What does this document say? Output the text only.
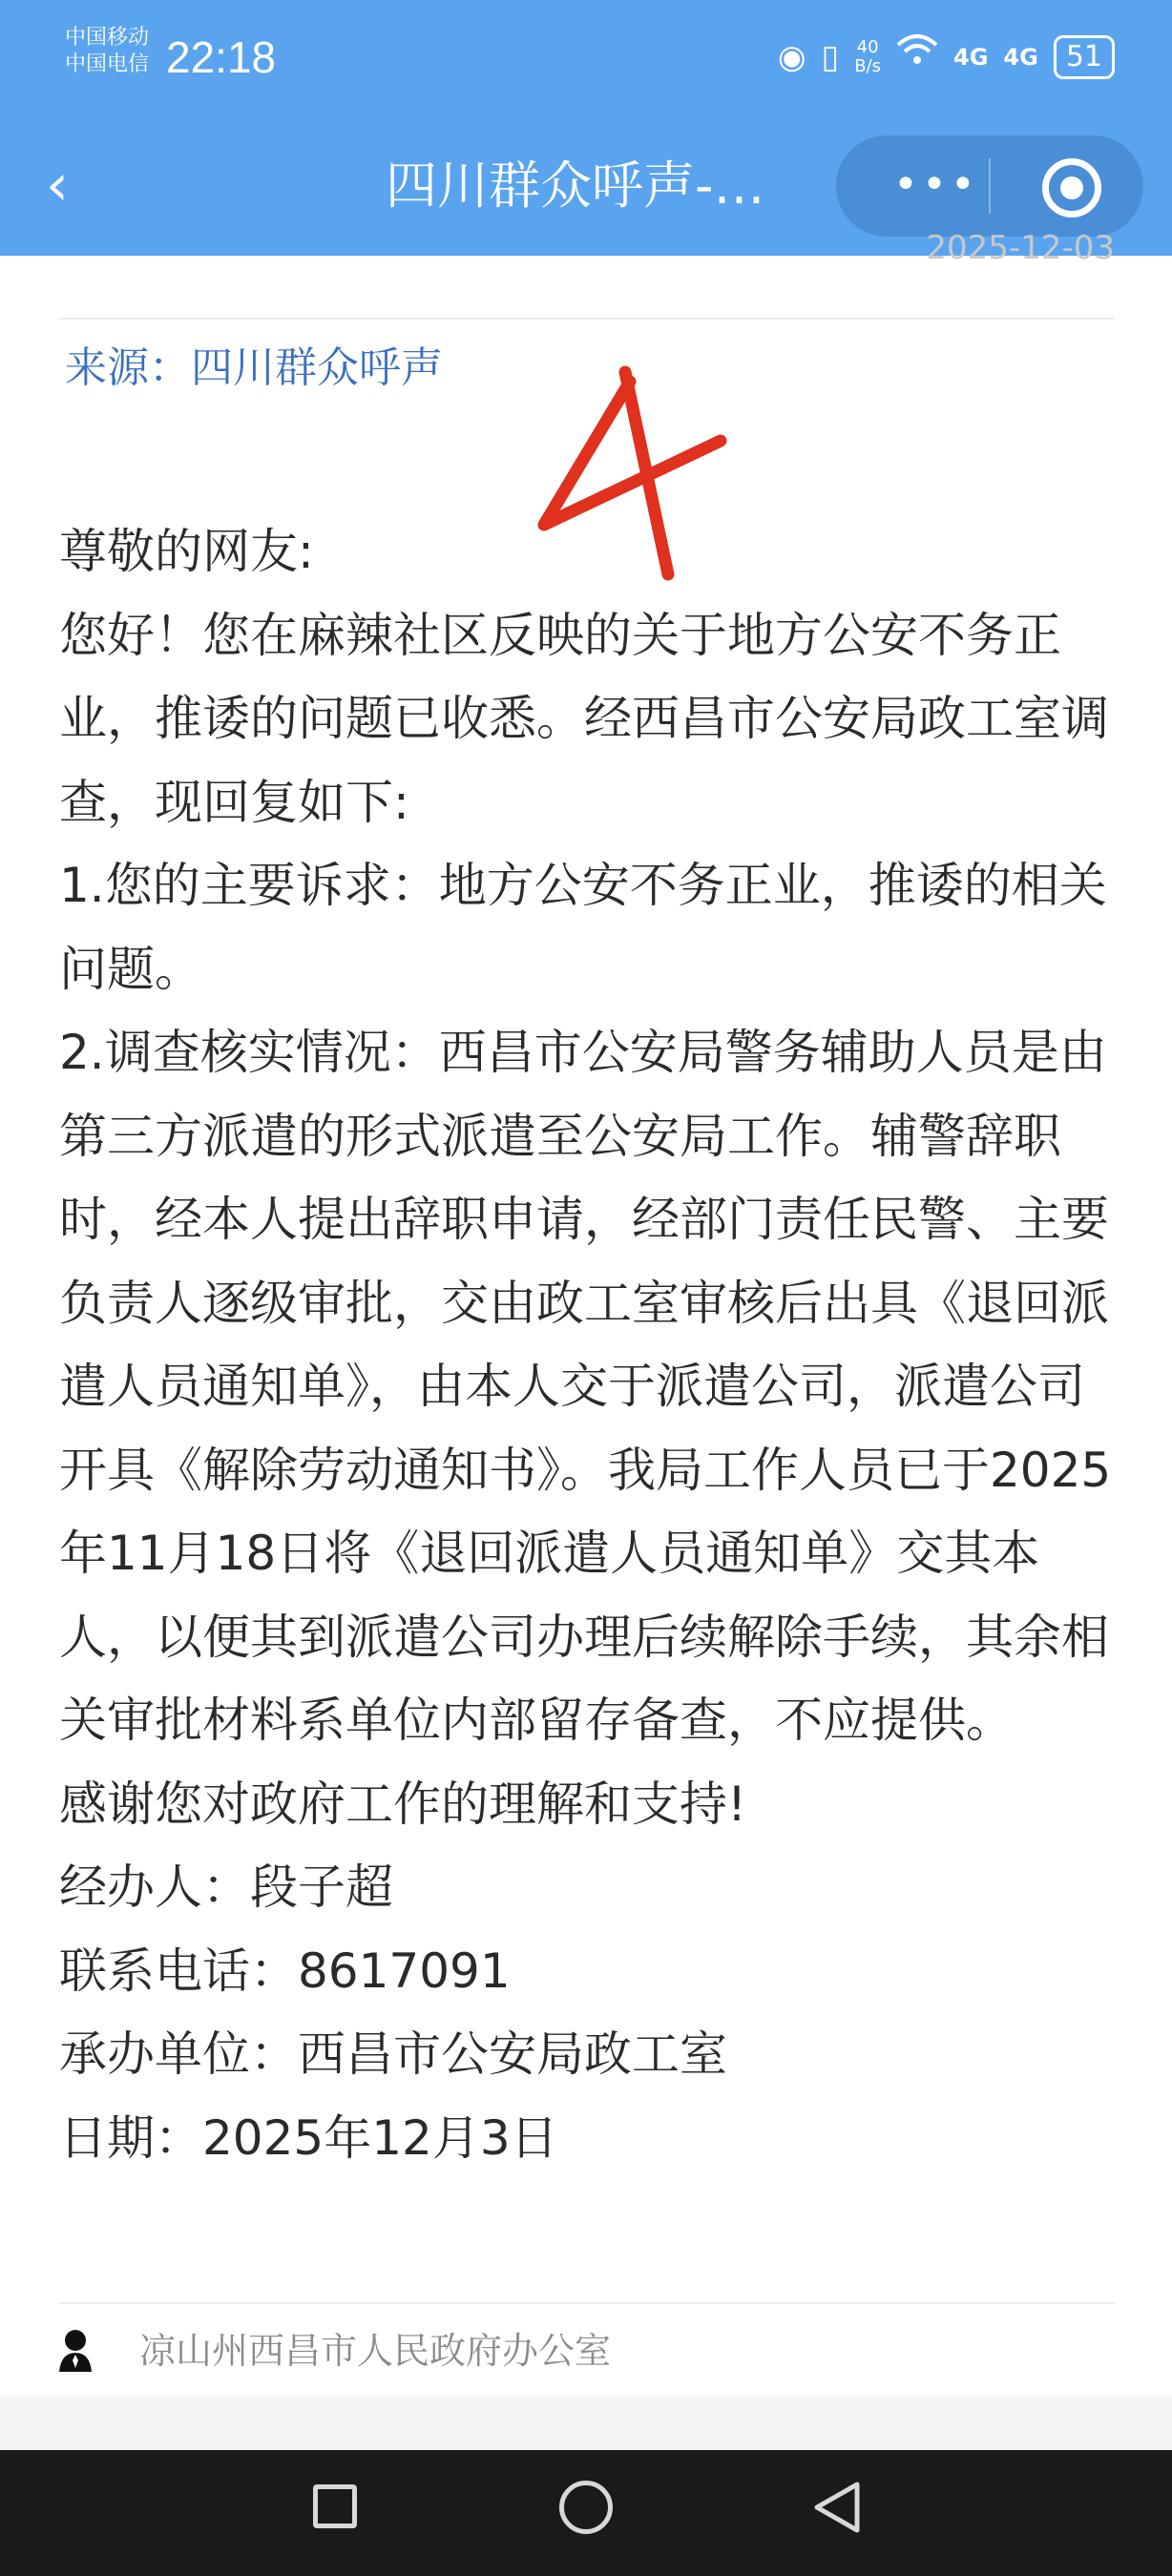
中国移动
中国电信 22:18	◉ ▯ 40
B/s	4G 4G 51
‹	四川群众呼声-…	•••
2025-12-03
来源：四川群众呼声

尊敬的网友:

您好！您在麻辣社区反映的关于地方公安不务正业，推诿的问题已收悉。经西昌市公安局政工室调查，现回复如下:

1.您的主要诉求：地方公安不务正业，推诿的相关问题。

2.调查核实情况：西昌市公安局警务辅助人员是由第三方派遣的形式派遣至公安局工作。辅警辞职时，经本人提出辞职申请，经部门责任民警、主要负责人逐级审批，交由政工室审核后出具《退回派遣人员通知单》，由本人交于派遣公司，派遣公司开具《解除劳动通知书》。我局工作人员已于2025年11月18日将《退回派遣人员通知单》交其本人，以便其到派遣公司办理后续解除手续，其余相关审批材料系单位内部留存备查，不应提供。

感谢您对政府工作的理解和支持!

经办人：段子超

联系电话：8617091

承办单位：西昌市公安局政工室

日期：2025年12月3日

凉山州西昌市人民政府办公室
